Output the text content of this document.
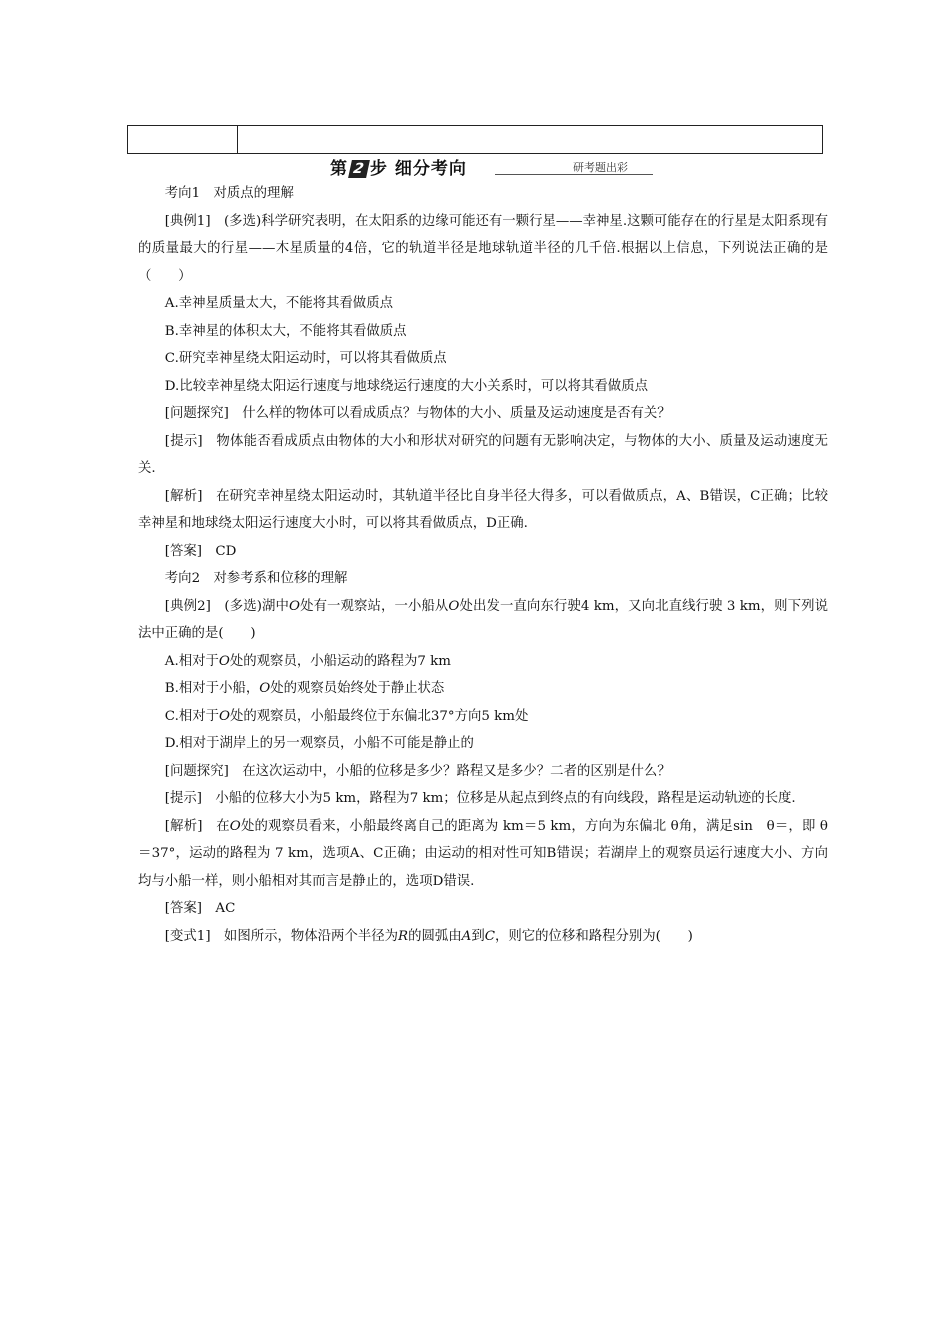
第 2 步 细分考向	研考题出彩

考向1　对质点的理解

[典例1]　(多选)科学研究表明，在太阳系的边缘可能还有一颗行星——幸神星.这颗可能存在的行星是太阳系现有的质量最大的行星——木星质量的4倍，它的轨道半径是地球轨道半径的几千倍.根据以上信息，下列说法正确的是（　　）

A.幸神星质量太大，不能将其看做质点

B.幸神星的体积太大，不能将其看做质点

C.研究幸神星绕太阳运动时，可以将其看做质点

D.比较幸神星绕太阳运行速度与地球绕运行速度的大小关系时，可以将其看做质点

[问题探究]　什么样的物体可以看成质点？与物体的大小、质量及运动速度是否有关？

[提示]　物体能否看成质点由物体的大小和形状对研究的问题有无影响决定，与物体的大小、质量及运动速度无关.

[解析]　在研究幸神星绕太阳运动时，其轨道半径比自身半径大得多，可以看做质点，A、B错误，C正确；比较幸神星和地球绕太阳运行速度大小时，可以将其看做质点，D正确.

[答案]　CD

考向2　对参考系和位移的理解

[典例2]　(多选)湖中O处有一观察站，一小船从O处出发一直向东行驶4 km，又向北直线行驶 3 km，则下列说法中正确的是(　　)

A.相对于O处的观察员，小船运动的路程为7 km

B.相对于小船，O处的观察员始终处于静止状态

C.相对于O处的观察员，小船最终位于东偏北37°方向5 km处

D.相对于湖岸上的另一观察员，小船不可能是静止的

[问题探究]　在这次运动中，小船的位移是多少？路程又是多少？二者的区别是什么？

[提示]　小船的位移大小为5 km，路程为7 km；位移是从起点到终点的有向线段，路程是运动轨迹的长度.

[解析]　在O处的观察员看来，小船最终离自己的距离为 km＝5 km，方向为东偏北 θ角，满足sin　θ＝，即 θ＝37°，运动的路程为 7 km，选项A、C正确；由运动的相对性可知B错误；若湖岸上的观察员运行速度大小、方向均与小船一样，则小船相对其而言是静止的，选项D错误.

[答案]　AC

[变式1]　如图所示，物体沿两个半径为R的圆弧由A到C，则它的位移和路程分别为(　　)
